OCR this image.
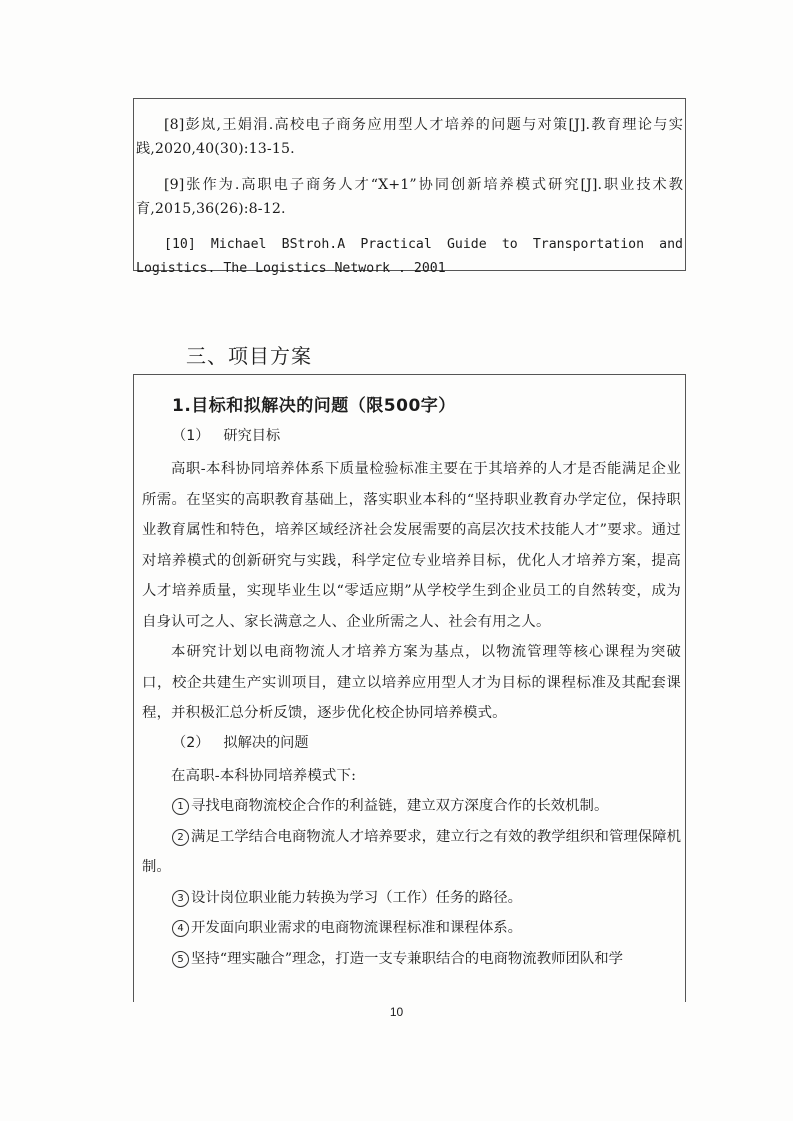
[8]彭岚,王娟涓.高校电子商务应用型人才培养的问题与对策[J].教育理论与实践,2020,40(30):13-15.

[9]张作为.高职电子商务人才“X+1”协同创新培养模式研究[J].职业技术教育,2015,36(26):8-12.

[10] Michael BStroh.A Practical Guide to Transportation and Logistics. The Logistics Network . 2001

三、项目方案
1.目标和拟解决的问题（限500字）
（1） 研究目标

高职-本科协同培养体系下质量检验标准主要在于其培养的人才是否能满足企业所需。在坚实的高职教育基础上，落实职业本科的“坚持职业教育办学定位，保持职业教育属性和特色，培养区域经济社会发展需要的高层次技术技能人才”要求。通过对培养模式的创新研究与实践，科学定位专业培养目标，优化人才培养方案，提高人才培养质量，实现毕业生以“零适应期”从学校学生到企业员工的自然转变，成为自身认可之人、家长满意之人、企业所需之人、社会有用之人。

本研究计划以电商物流人才培养方案为基点，以物流管理等核心课程为突破口，校企共建生产实训项目，建立以培养应用型人才为目标的课程标准及其配套课程，并积极汇总分析反馈，逐步优化校企协同培养模式。

（2） 拟解决的问题

在高职-本科协同培养模式下:

1 寻找电商物流校企合作的利益链，建立双方深度合作的长效机制。

2 满足工学结合电商物流人才培养要求，建立行之有效的教学组织和管理保障机制。

3 设计岗位职业能力转换为学习（工作）任务的路径。

4 开发面向职业需求的电商物流课程标准和课程体系。

5 坚持“理实融合”理念，打造一支专兼职结合的电商物流教师团队和学

10
